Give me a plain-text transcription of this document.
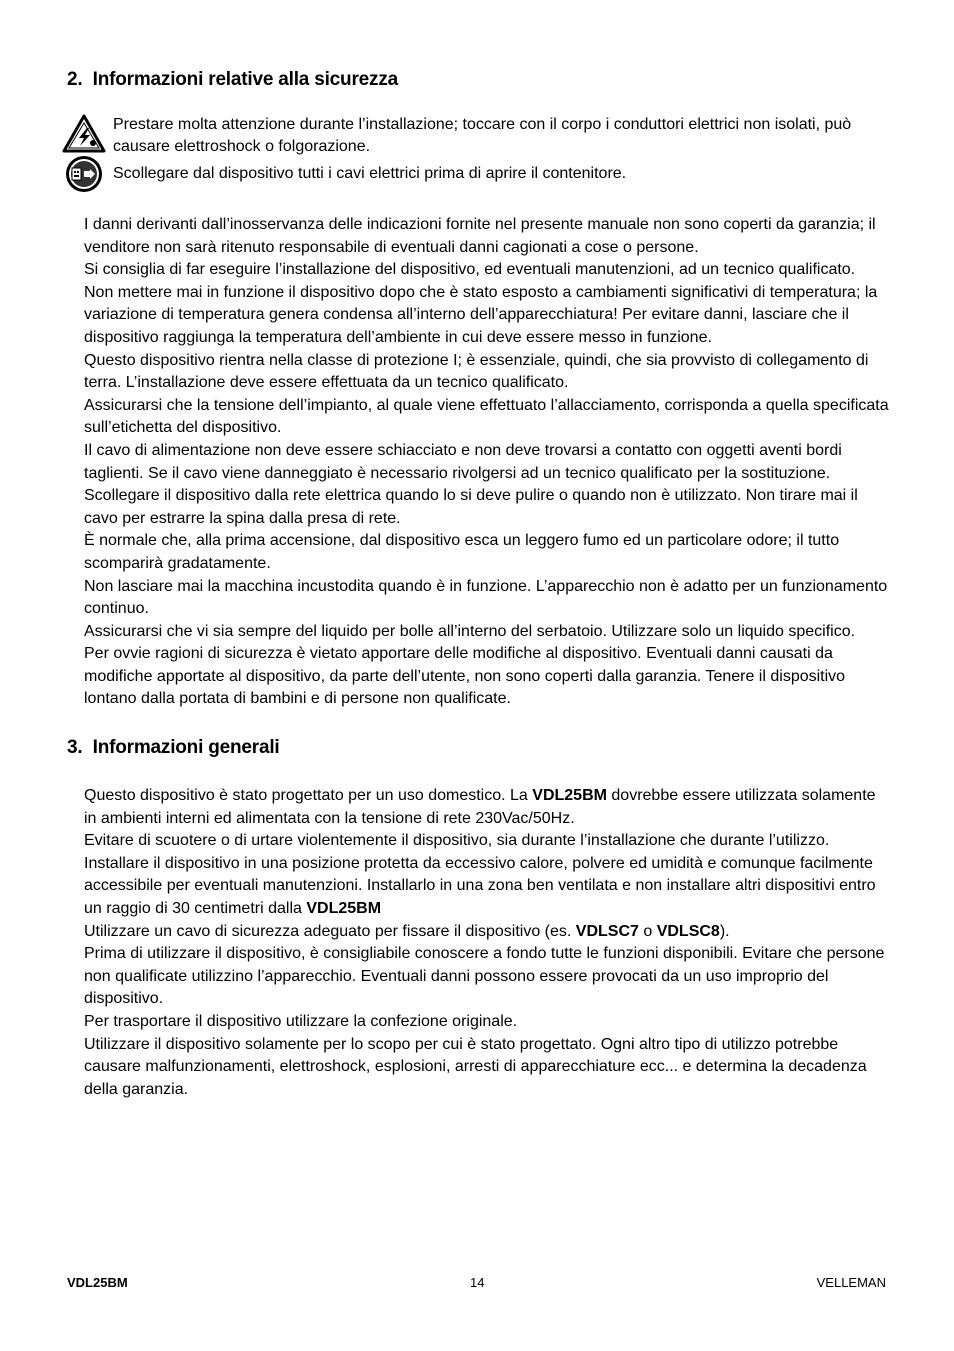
2. Informazioni relative alla sicurezza
Prestare molta attenzione durante l’installazione; toccare con il corpo i conduttori elettrici non isolati, può causare elettroshock o folgorazione.
Scollegare dal dispositivo tutti i cavi elettrici prima di aprire il contenitore.

I danni derivanti dall’inosservanza delle indicazioni fornite nel presente manuale non sono coperti da garanzia; il venditore non sarà ritenuto responsabile di eventuali danni cagionati a cose o persone.

Si consiglia di far eseguire l’installazione del dispositivo, ed eventuali manutenzioni, ad un tecnico qualificato.

Non mettere mai in funzione il dispositivo dopo che è stato esposto a cambiamenti significativi di temperatura; la variazione di temperatura genera condensa all’interno dell’apparecchiatura! Per evitare danni, lasciare che il dispositivo raggiunga la temperatura dell’ambiente in cui deve essere messo in funzione.

Questo dispositivo rientra nella classe di protezione I; è essenziale, quindi, che sia provvisto di collegamento di terra. L’installazione deve essere effettuata da un tecnico qualificato.

Assicurarsi che la tensione dell’impianto, al quale viene effettuato l’allacciamento, corrisponda a quella specificata sull’etichetta del dispositivo.

Il cavo di alimentazione non deve essere schiacciato e non deve trovarsi a contatto con oggetti aventi bordi taglienti. Se il cavo viene danneggiato è necessario rivolgersi ad un tecnico qualificato per la sostituzione.

Scollegare il dispositivo dalla rete elettrica quando lo si deve pulire o quando non è utilizzato. Non tirare mai il cavo per estrarre la spina dalla presa di rete.

È normale che, alla prima accensione, dal dispositivo esca un leggero fumo ed un particolare odore; il tutto scomparirà gradatamente.

Non lasciare mai la macchina incustodita quando è in funzione. L’apparecchio non è adatto per un funzionamento continuo.

Assicurarsi che vi sia sempre del liquido per bolle all’interno del serbatoio. Utilizzare solo un liquido specifico.

Per ovvie ragioni di sicurezza è vietato apportare delle modifiche al dispositivo. Eventuali danni causati da modifiche apportate al dispositivo, da parte dell’utente, non sono coperti dalla garanzia. Tenere il dispositivo lontano dalla portata di bambini e di persone non qualificate.

3. Informazioni generali

Questo dispositivo è stato progettato per un uso domestico. La VDL25BM dovrebbe essere utilizzata solamente in ambienti interni ed alimentata con la tensione di rete 230Vac/50Hz.

Evitare di scuotere o di urtare violentemente il dispositivo, sia durante l’installazione che durante l’utilizzo.

Installare il dispositivo in una posizione protetta da eccessivo calore, polvere ed umidità e comunque facilmente accessibile per eventuali manutenzioni. Installarlo in una zona ben ventilata e non installare altri dispositivi entro un raggio di 30 centimetri dalla VDL25BM

Utilizzare un cavo di sicurezza adeguato per fissare il dispositivo (es. VDLSC7 o VDLSC8).

Prima di utilizzare il dispositivo, è consigliabile conoscere a fondo tutte le funzioni disponibili. Evitare che persone non qualificate utilizzino l’apparecchio. Eventuali danni possono essere provocati da un uso improprio del dispositivo.

Per trasportare il dispositivo utilizzare la confezione originale.

Utilizzare il dispositivo solamente per lo scopo per cui è stato progettato. Ogni altro tipo di utilizzo potrebbe causare malfunzionamenti, elettroshock, esplosioni, arresti di apparecchiature ecc... e determina la decadenza della garanzia.

VDL25BM	14	VELLEMAN
